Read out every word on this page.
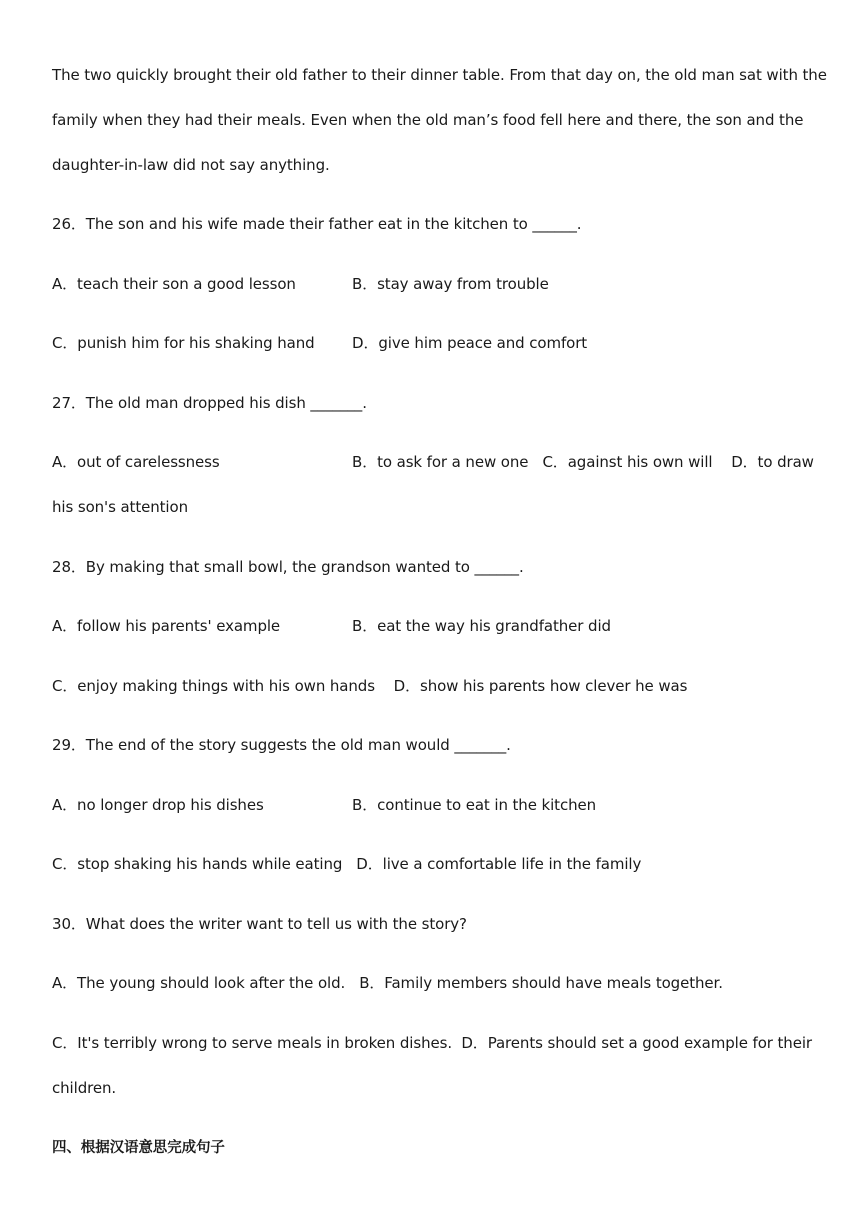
The two quickly brought their old father to their dinner table. From that day on, the old man sat with the
family when they had their meals. Even when the old man’s food fell here and there, the son and the
daughter-in-law did not say anything.
26．The son and his wife made their father eat in the kitchen to ______.
A．teach their son a good lesson	B．stay away from trouble
C．punish him for his shaking hand D．give him peace and comfort
27．The old man dropped his dish _______.
A．out of carelessness	B．to ask for a new one C．against his own will D．to draw
his son's attention
28．By making that small bowl, the grandson wanted to ______.
A．follow his parents' example	B．eat the way his grandfather did
C．enjoy making things with his own hands D．show his parents how clever he was
29．The end of the story suggests the old man would _______.
A．no longer drop his dishes	B．continue to eat in the kitchen
C．stop shaking his hands while eating D．live a comfortable life in the family
30．What does the writer want to tell us with the story?
A．The young should look after the old. B．Family members should have meals together.
C．It's terribly wrong to serve meals in broken dishes. D．Parents should set a good example for their
children.
四、根据汉语意思完成句子
